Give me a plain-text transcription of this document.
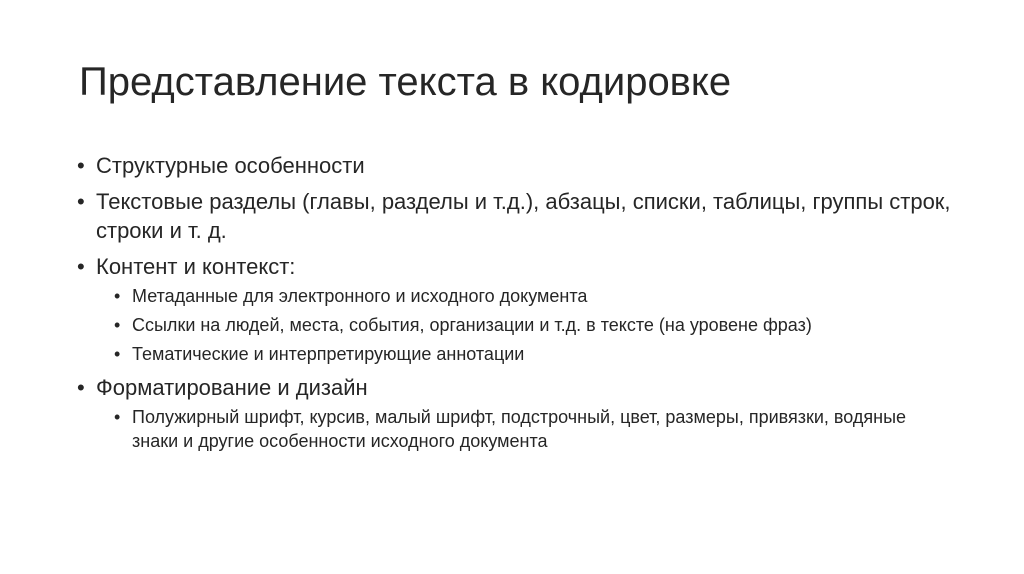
Представление текста в кодировке
• Структурные особенности
• Текстовые разделы (главы, разделы и т.д.), абзацы, списки, таблицы, группы строк, строки и т. д.
• Контент и контекст:
• Метаданные для электронного и исходного документа
• Ссылки на людей, места, события, организации и т.д. в тексте (на уровене фраз)
• Тематические и интерпретирующие аннотации
• Форматирование и дизайн
• Полужирный шрифт, курсив, малый шрифт, подстрочный, цвет, размеры, привязки, водяные знаки и другие особенности исходного документа
